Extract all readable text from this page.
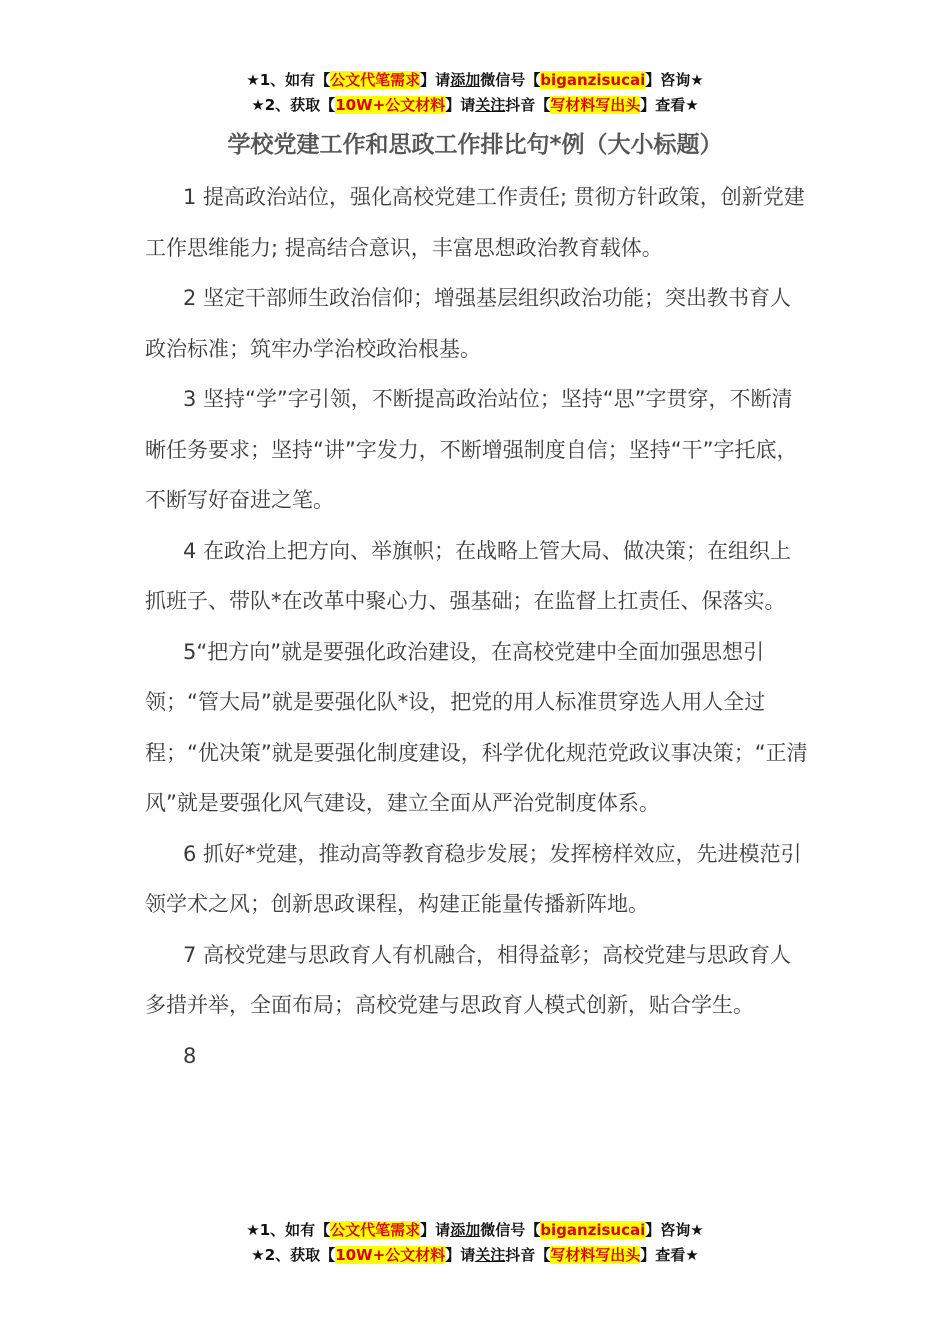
★1、如有【公文代笔需求】请添加微信号【biganzisucai】咨询★
★2、获取【10W+公文材料】请关注抖音【写材料写出头】查看★
学校党建工作和思政工作排比句*例（大小标题）

1 提高政治站位，强化高校党建工作责任; 贯彻方针政策，创新党建工作思维能力; 提高结合意识，丰富思想政治教育载体。

2 坚定干部师生政治信仰；增强基层组织政治功能；突出教书育人政治标准；筑牢办学治校政治根基。

3 坚持“学”字引领，不断提高政治站位；坚持“思”字贯穿，不断清晰任务要求；坚持“讲”字发力，不断增强制度自信；坚持“干”字托底，不断写好奋进之笔。

4 在政治上把方向、举旗帜；在战略上管大局、做决策；在组织上抓班子、带队*在改革中聚心力、强基础；在监督上扛责任、保落实。

5“把方向”就是要强化政治建设，在高校党建中全面加强思想引领；“管大局”就是要强化队*设，把党的用人标准贯穿选人用人全过程；“优决策”就是要强化制度建设，科学优化规范党政议事决策；“正清风”就是要强化风气建设，建立全面从严治党制度体系。

6 抓好*党建，推动高等教育稳步发展；发挥榜样效应，先进模范引领学术之风；创新思政课程，构建正能量传播新阵地。

7 高校党建与思政育人有机融合，相得益彰；高校党建与思政育人多措并举，全面布局；高校党建与思政育人模式创新，贴合学生。

8

★1、如有【公文代笔需求】请添加微信号【biganzisucai】咨询★
★2、获取【10W+公文材料】请关注抖音【写材料写出头】查看★
